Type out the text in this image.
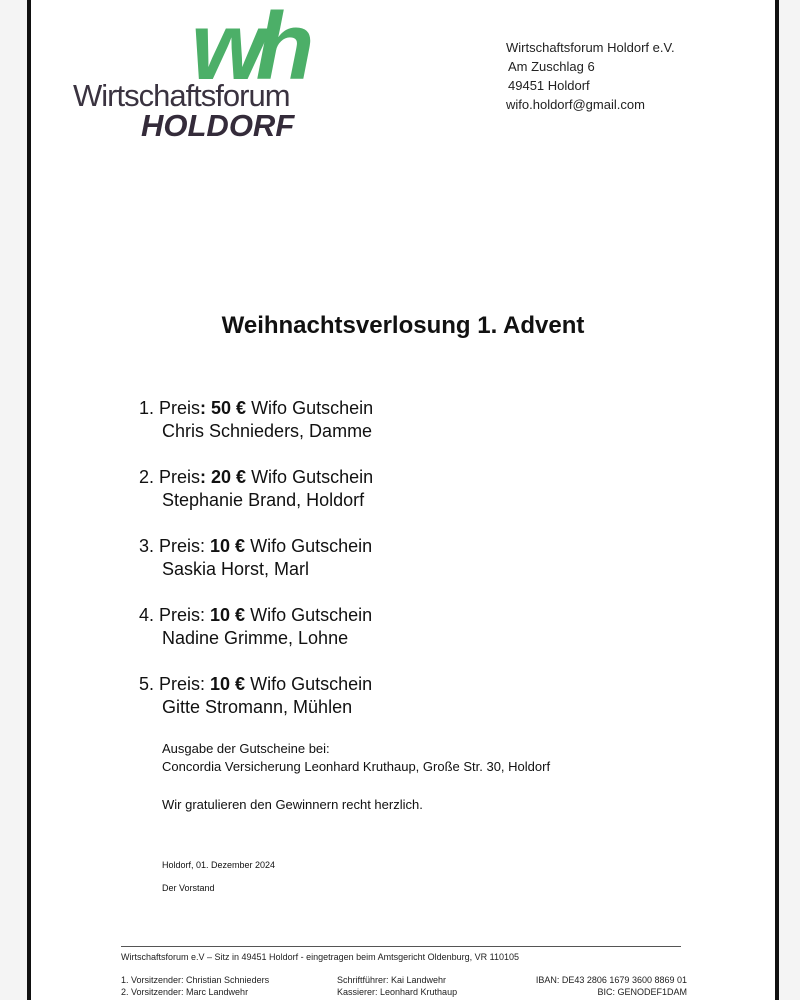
wh
Wirtschaftsforum
HOLDORF
Wirtschaftsforum Holdorf e.V.
Am Zuschlag 6
49451 Holdorf
wifo.holdorf@gmail.com
Weihnachtsverlosung 1. Advent
1. Preis: 50 € Wifo Gutschein
Chris Schnieders, Damme
2. Preis: 20 € Wifo Gutschein
Stephanie Brand, Holdorf
3. Preis: 10 € Wifo Gutschein
Saskia Horst, Marl
4. Preis: 10 € Wifo Gutschein
Nadine Grimme, Lohne
5. Preis: 10 € Wifo Gutschein
Gitte Stromann, Mühlen
Ausgabe der Gutscheine bei:
Concordia Versicherung Leonhard Kruthaup, Große Str. 30, Holdorf
Wir gratulieren den Gewinnern recht herzlich.
Holdorf, 01. Dezember 2024
Der Vorstand
Wirtschaftsforum e.V – Sitz in 49451 Holdorf - eingetragen beim Amtsgericht Oldenburg, VR 110105
1. Vorsitzender: Christian Schnieders
2. Vorsitzender: Marc Landwehr
Schriftführer: Kai Landwehr
Kassierer: Leonhard Kruthaup
IBAN: DE43 2806 1679 3600 8869 01
BIC: GENODEF1DAM
